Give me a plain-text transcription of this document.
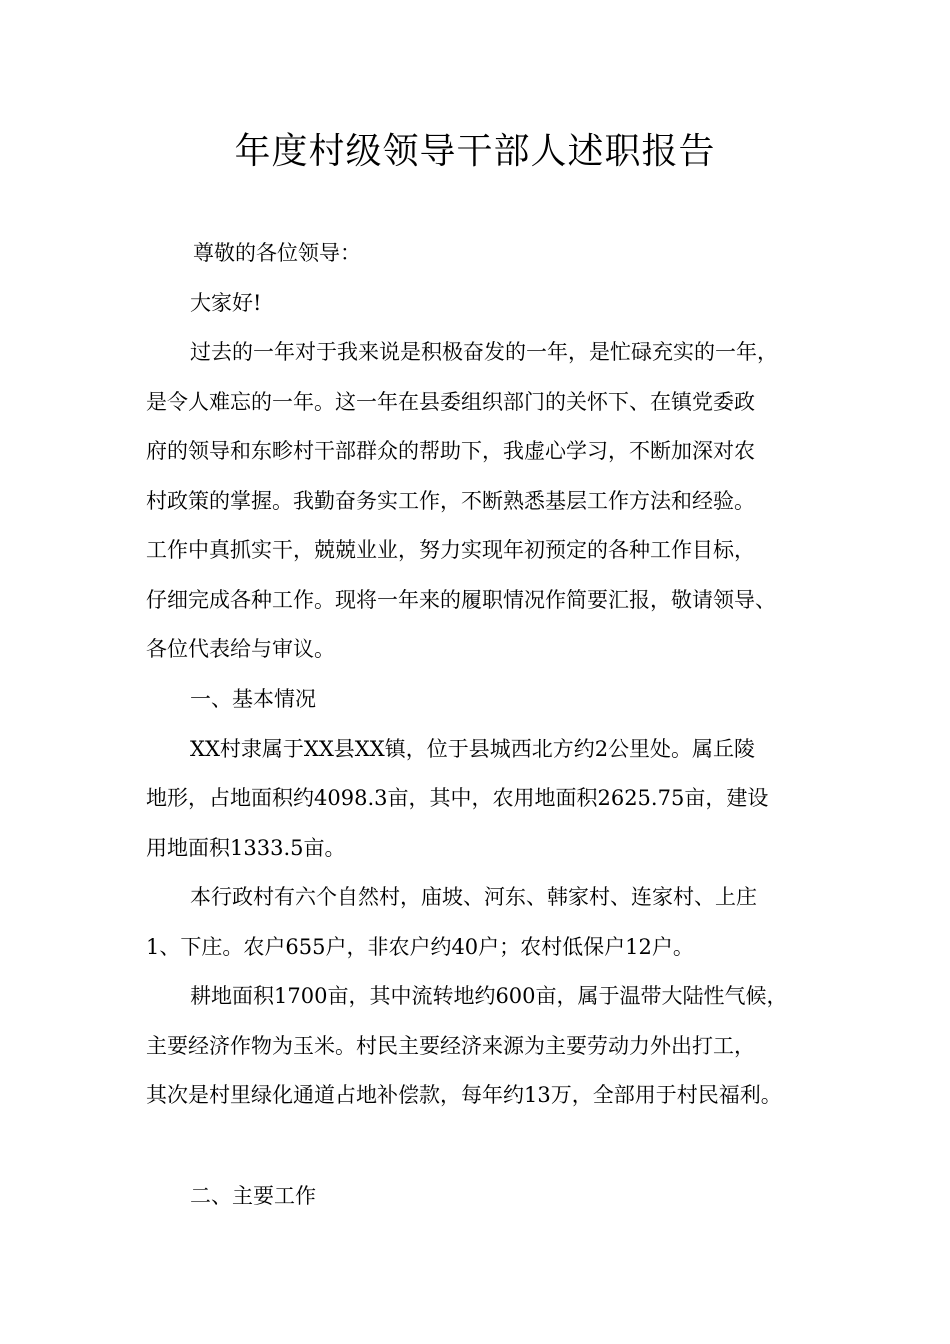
年度村级领导干部人述职报告

尊敬的各位领导：

大家好!

过去的一年对于我来说是积极奋发的一年，是忙碌充实的一年，

是令人难忘的一年。这一年在县委组织部门的关怀下、在镇党委政

府的领导和东畛村干部群众的帮助下，我虚心学习，不断加深对农

村政策的掌握。我勤奋务实工作，不断熟悉基层工作方法和经验。

工作中真抓实干，兢兢业业，努力实现年初预定的各种工作目标，

仔细完成各种工作。现将一年来的履职情况作简要汇报，敬请领导、

各位代表给与审议。

一、基本情况

XX村隶属于XX县XX镇，位于县城西北方约2公里处。属丘陵

地形，占地面积约4098.3亩，其中，农用地面积2625.75亩，建设

用地面积1333.5亩。

本行政村有六个自然村，庙坡、河东、韩家村、连家村、上庄

1、下庄。农户655户，非农户约40户；农村低保户12户。

耕地面积1700亩，其中流转地约600亩，属于温带大陆性气候，

主要经济作物为玉米。村民主要经济来源为主要劳动力外出打工，

其次是村里绿化通道占地补偿款，每年约13万，全部用于村民福利。

二、主要工作
